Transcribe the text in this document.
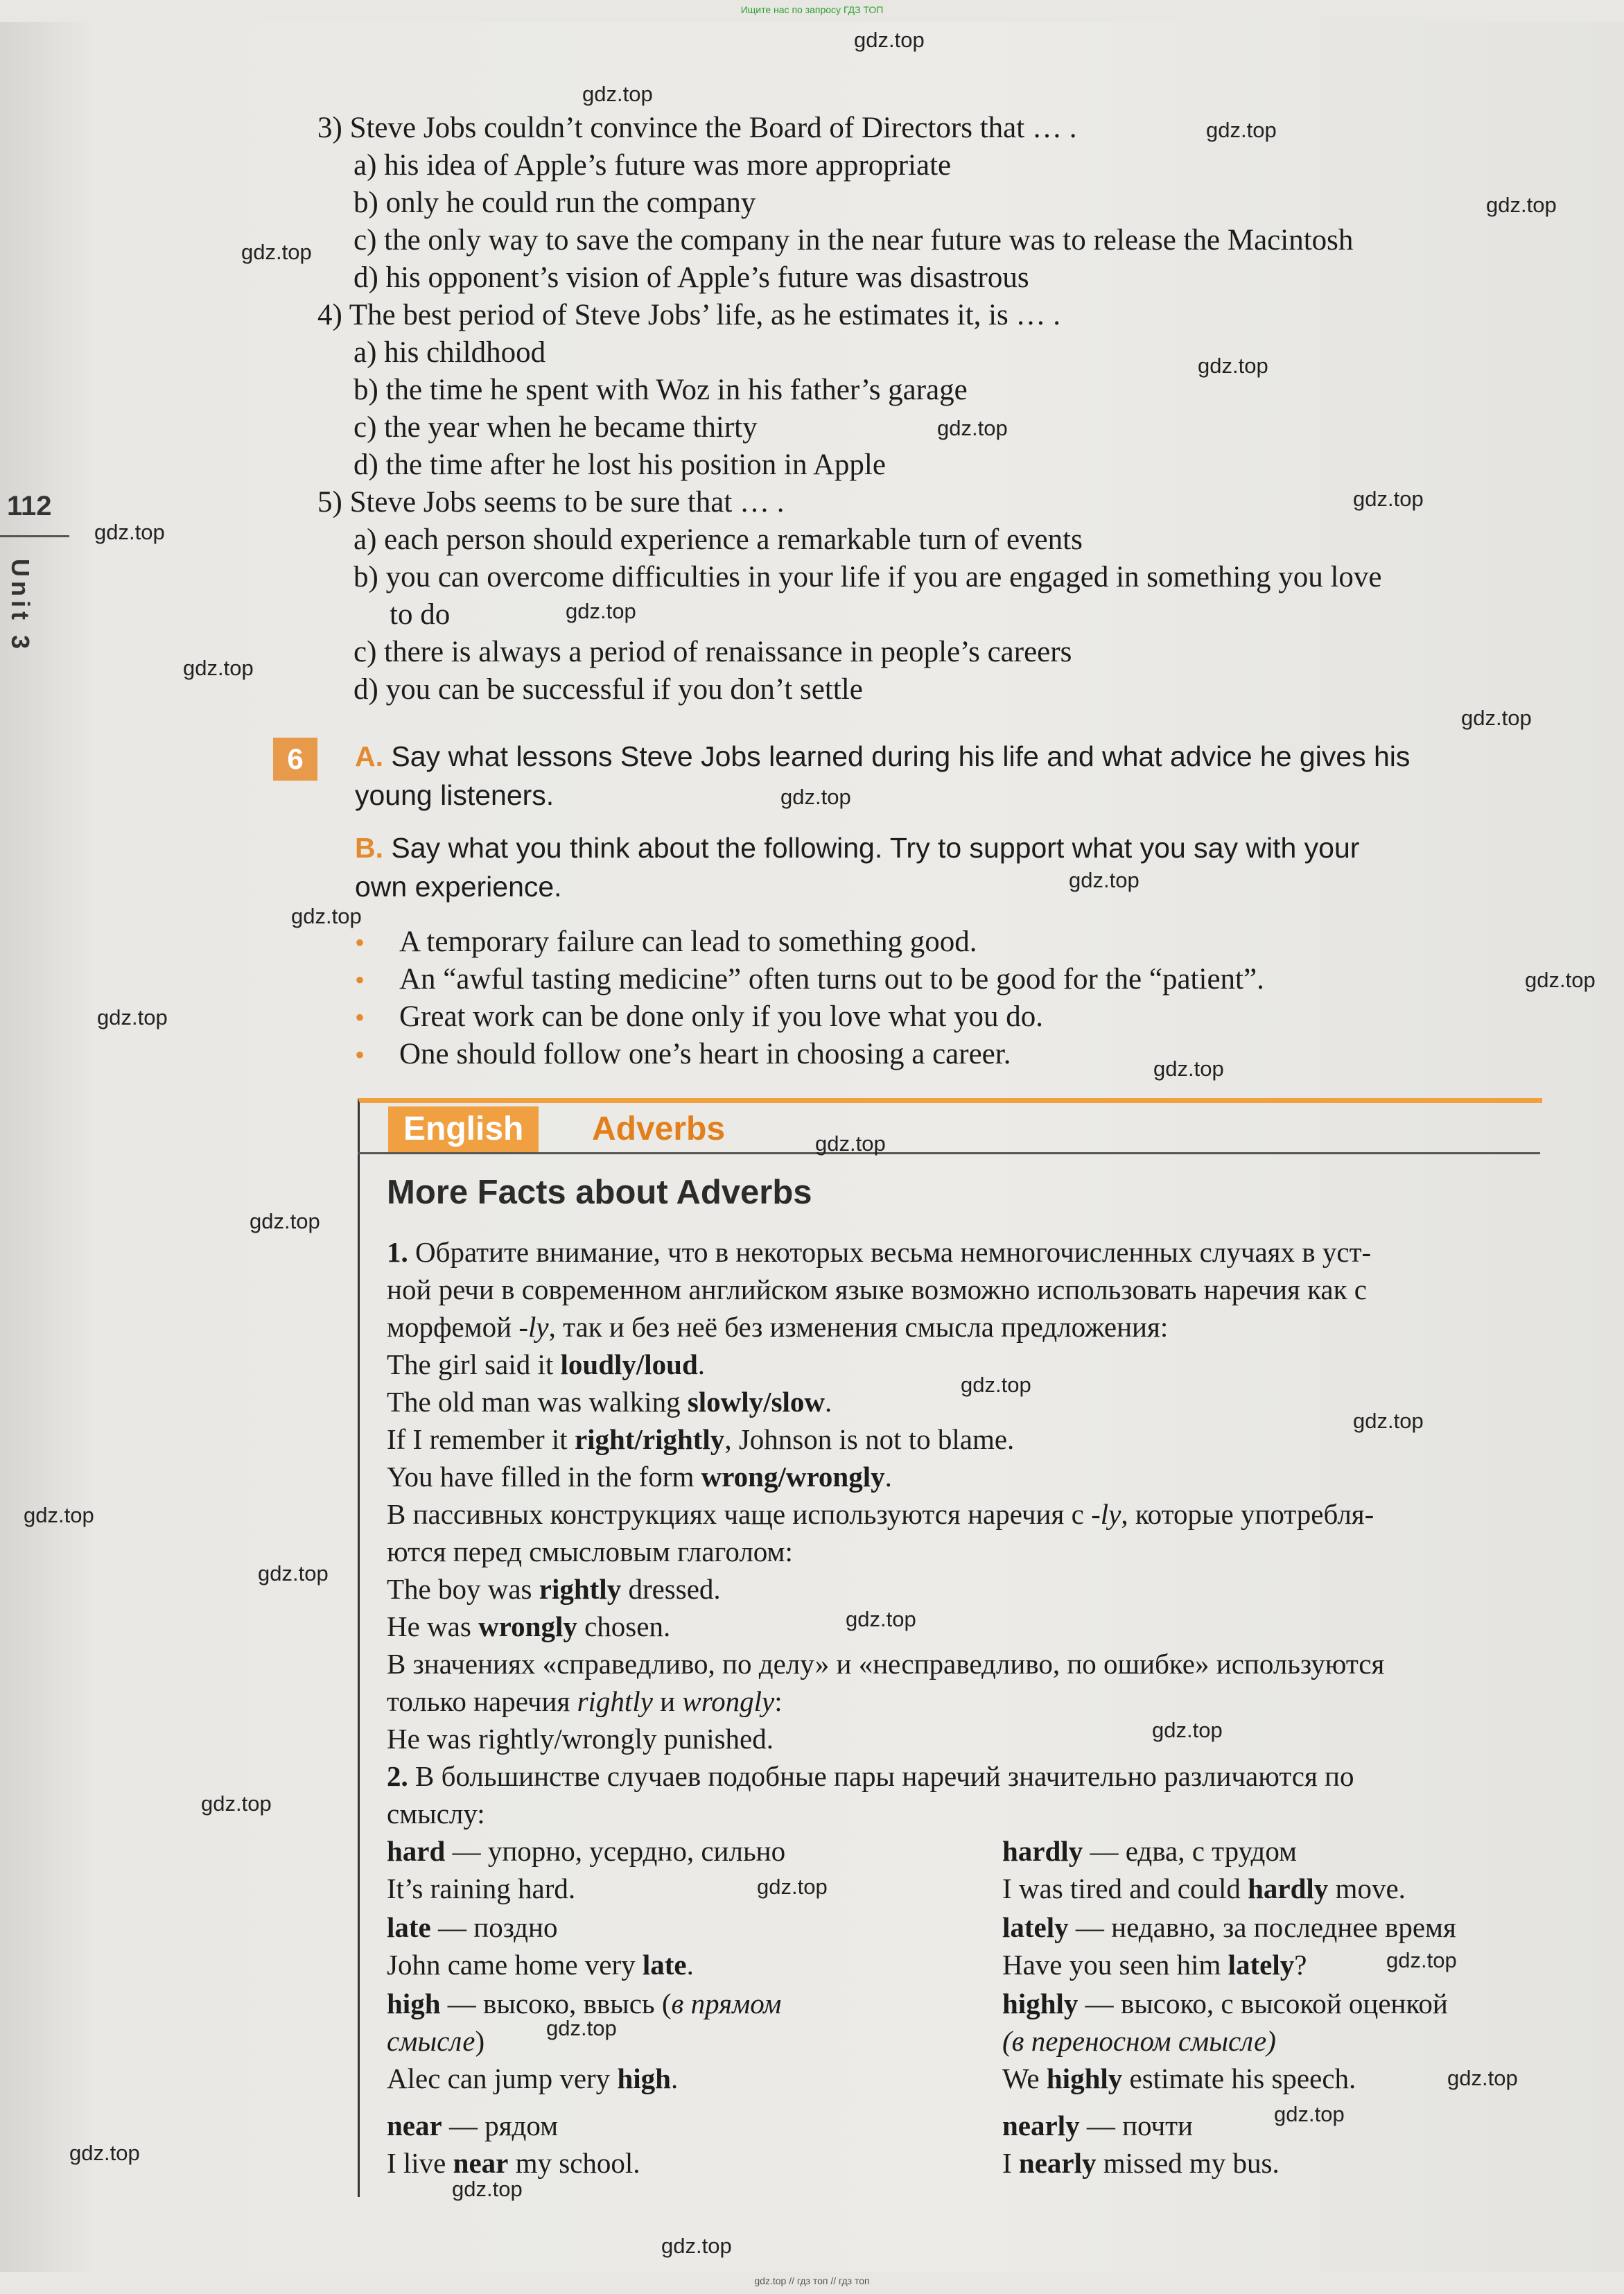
Ищите нас по запросу ГДЗ ТОП
gdz.top // гдз топ // гдз топ
112
Unit 3
3) Steve Jobs couldn’t convince the Board of Directors that … .
a) his idea of Apple’s future was more appropriate
b) only he could run the company
c) the only way to save the company in the near future was to release the Macintosh
d) his opponent’s vision of Apple’s future was disastrous
4) The best period of Steve Jobs’ life, as he estimates it, is … .
a) his childhood
b) the time he spent with Woz in his father’s garage
c) the year when he became thirty
d) the time after he lost his position in Apple
5) Steve Jobs seems to be sure that … .
a) each person should experience a remarkable turn of events
b) you can overcome difficulties in your life if you are engaged in something you love
to do
c) there is always a period of renaissance in people’s careers
d) you can be successful if you don’t settle
6	A. Say what lessons Steve Jobs learned during his life and what advice he gives his
young listeners.
B. Say what you think about the following. Try to support what you say with your
own experience.
• A temporary failure can lead to something good.
• An “awful tasting medicine” often turns out to be good for the “patient”.
• Great work can be done only if you love what you do.
• One should follow one’s heart in choosing a career.
English	Adverbs
More Facts about Adverbs
1. Обратите внимание, что в некоторых весьма немногочисленных случаях в уст-
ной речи в современном английском языке возможно использовать наречия как с
морфемой -ly, так и без неё без изменения смысла предложения:
The girl said it loudly/loud.
The old man was walking slowly/slow.
If I remember it right/rightly, Johnson is not to blame.
You have filled in the form wrong/wrongly.
В пассивных конструкциях чаще используются наречия с -ly, которые употребля-
ются перед смысловым глаголом:
The boy was rightly dressed.
He was wrongly chosen.
В значениях «справедливо, по делу» и «несправедливо, по ошибке» используются
только наречия rightly и wrongly:
He was rightly/wrongly punished.
2. В большинстве случаев подобные пары наречий значительно различаются по
смыслу:
hard — упорно, усердно, сильно
It’s raining hard.
late — поздно
John came home very late.
high — высоко, ввысь (в прямом
смысле)
Alec can jump very high.
near — рядом
I live near my school.
hardly — едва, с трудом
I was tired and could hardly move.
lately — недавно, за последнее время
Have you seen him lately?
highly — высоко, с высокой оценкой
(в переносном смысле)
We highly estimate his speech.
nearly — почти
I nearly missed my bus.
gdz.top
gdz.top
gdz.top
gdz.top
gdz.top
gdz.top
gdz.top
gdz.top
gdz.top
gdz.top
gdz.top
gdz.top
gdz.top
gdz.top
gdz.top
gdz.top
gdz.top
gdz.top
gdz.top
gdz.top
gdz.top
gdz.top
gdz.top
gdz.top
gdz.top
gdz.top
gdz.top
gdz.top
gdz.top
gdz.top
gdz.top
gdz.top
gdz.top
gdz.top
gdz.top
